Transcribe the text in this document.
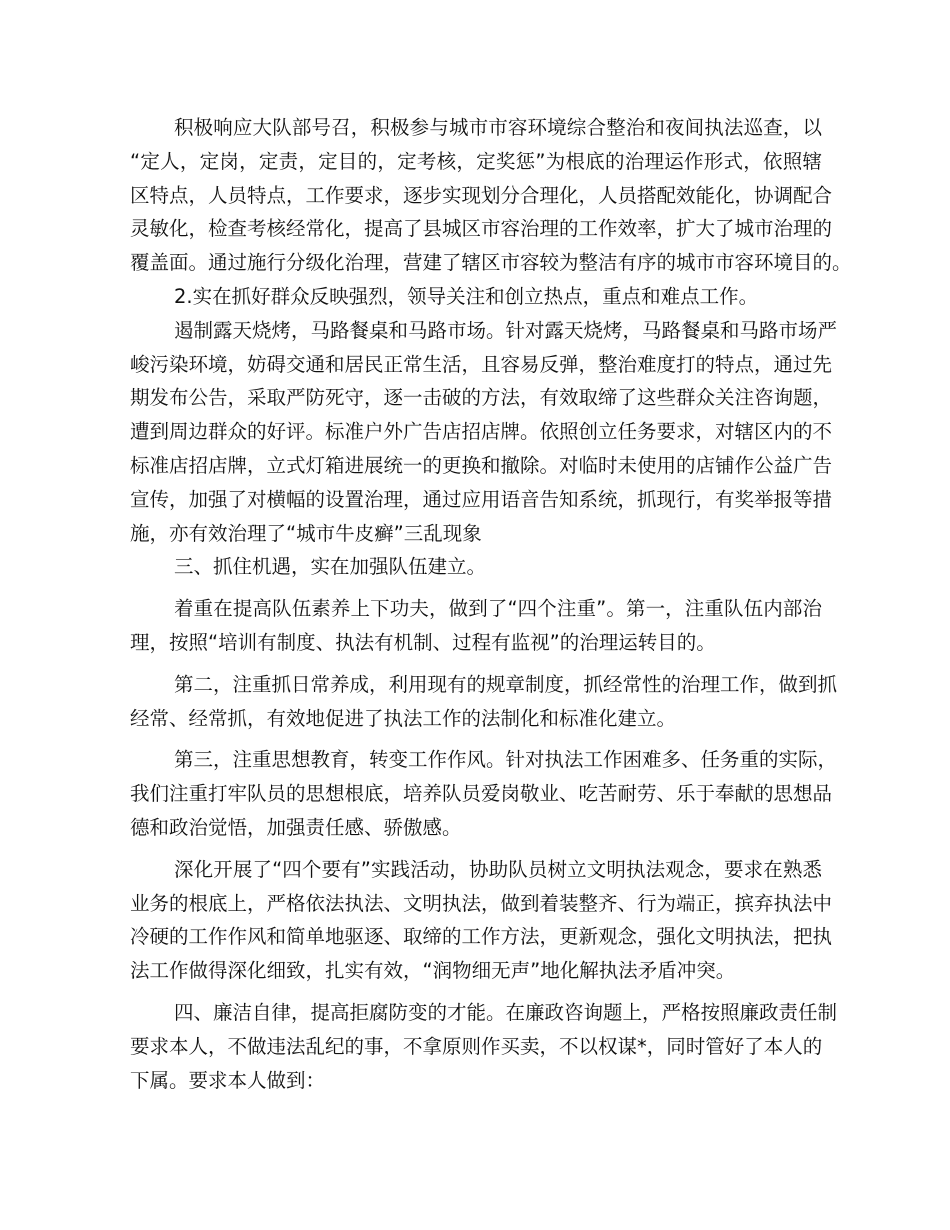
积极响应大队部号召，积极参与城市市容环境综合整治和夜间执法巡查，以
“定人，定岗，定责，定目的，定考核，定奖惩”为根底的治理运作形式，依照辖
区特点，人员特点，工作要求，逐步实现划分合理化，人员搭配效能化，协调配合
灵敏化，检查考核经常化，提高了县城区市容治理的工作效率，扩大了城市治理的
覆盖面。通过施行分级化治理，营建了辖区市容较为整洁有序的城市市容环境目的。
2.实在抓好群众反映强烈，领导关注和创立热点，重点和难点工作。
遏制露天烧烤，马路餐桌和马路市场。针对露天烧烤，马路餐桌和马路市场严
峻污染环境，妨碍交通和居民正常生活，且容易反弹，整治难度打的特点，通过先
期发布公告，采取严防死守，逐一击破的方法，有效取缔了这些群众关注咨询题，
遭到周边群众的好评。标准户外广告店招店牌。依照创立任务要求，对辖区内的不
标准店招店牌，立式灯箱进展统一的更换和撤除。对临时未使用的店铺作公益广告
宣传，加强了对横幅的设置治理，通过应用语音告知系统，抓现行，有奖举报等措
施，亦有效治理了“城市牛皮癣”三乱现象
三、抓住机遇，实在加强队伍建立。
着重在提高队伍素养上下功夫，做到了“四个注重”。第一，注重队伍内部治
理，按照“培训有制度、执法有机制、过程有监视”的治理运转目的。
第二，注重抓日常养成，利用现有的规章制度，抓经常性的治理工作，做到抓
经常、经常抓，有效地促进了执法工作的法制化和标准化建立。
第三，注重思想教育，转变工作作风。针对执法工作困难多、任务重的实际，
我们注重打牢队员的思想根底，培养队员爱岗敬业、吃苦耐劳、乐于奉献的思想品
德和政治觉悟，加强责任感、骄傲感。
深化开展了“四个要有”实践活动，协助队员树立文明执法观念，要求在熟悉
业务的根底上，严格依法执法、文明执法，做到着装整齐、行为端正，摈弃执法中
冷硬的工作作风和简单地驱逐、取缔的工作方法，更新观念，强化文明执法，把执
法工作做得深化细致，扎实有效，“润物细无声”地化解执法矛盾冲突。
四、廉洁自律，提高拒腐防变的才能。在廉政咨询题上，严格按照廉政责任制
要求本人，不做违法乱纪的事，不拿原则作买卖，不以权谋*，同时管好了本人的
下属。要求本人做到：
